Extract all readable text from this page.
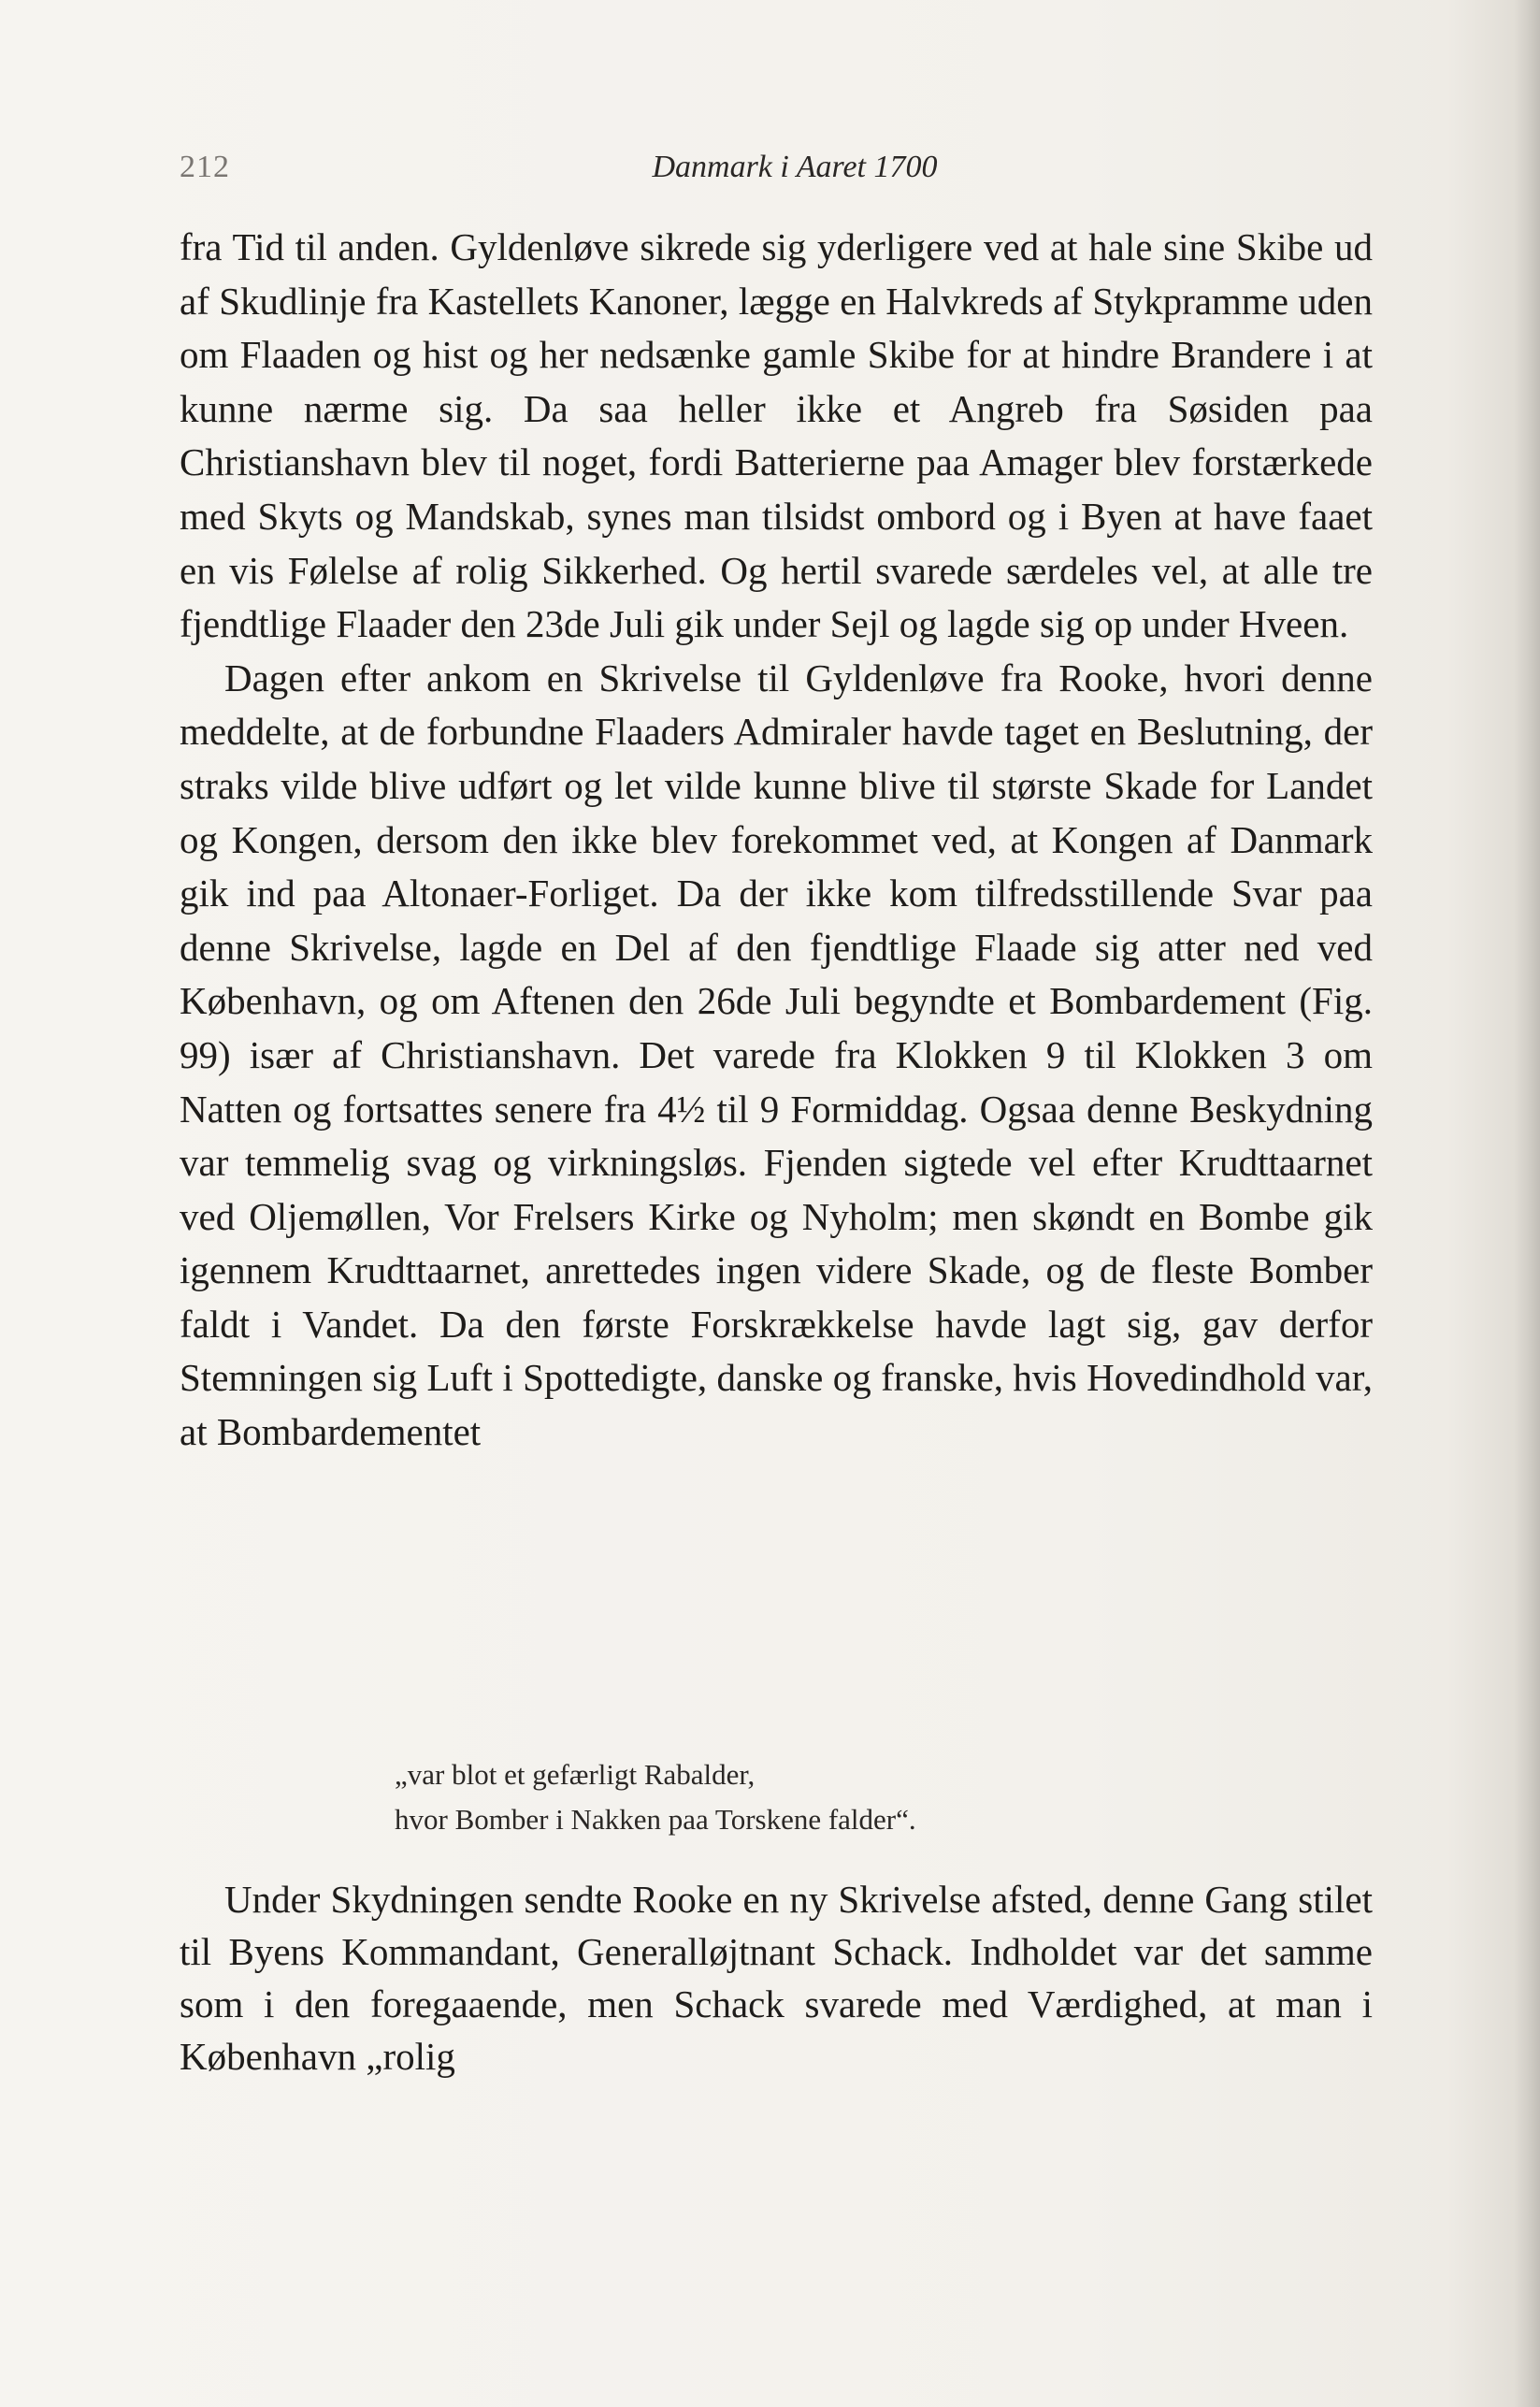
212	Danmark i Aaret 1700

fra Tid til anden. Gyldenløve sikrede sig yderligere ved at hale sine Skibe ud af Skudlinje fra Kastellets Kanoner, lægge en Halvkreds af Stykpramme uden om Flaaden og hist og her nedsænke gamle Skibe for at hindre Brandere i at kunne nærme sig. Da saa heller ikke et Angreb fra Søsiden paa Christianshavn blev til noget, fordi Batterierne paa Amager blev forstærkede med Skyts og Mandskab, synes man tilsidst ombord og i Byen at have faaet en vis Følelse af rolig Sikkerhed. Og hertil svarede særdeles vel, at alle tre fjendtlige Flaader den 23de Juli gik under Sejl og lagde sig op under Hveen.

Dagen efter ankom en Skrivelse til Gyldenløve fra Rooke, hvori denne meddelte, at de forbundne Flaaders Admiraler havde taget en Beslutning, der straks vilde blive udført og let vilde kunne blive til største Skade for Landet og Kongen, dersom den ikke blev forekommet ved, at Kongen af Danmark gik ind paa Altonaer-Forliget. Da der ikke kom tilfredsstillende Svar paa denne Skrivelse, lagde en Del af den fjendtlige Flaade sig atter ned ved København, og om Aftenen den 26de Juli begyndte et Bombardement (Fig. 99) især af Christianshavn. Det varede fra Klokken 9 til Klokken 3 om Natten og fortsattes senere fra 4½ til 9 Formiddag. Ogsaa denne Beskydning var temmelig svag og virkningsløs. Fjenden sigtede vel efter Krudttaarnet ved Oljemøllen, Vor Frelsers Kirke og Nyholm; men skøndt en Bombe gik igennem Krudttaarnet, anrettedes ingen videre Skade, og de fleste Bomber faldt i Vandet. Da den første Forskrækkelse havde lagt sig, gav derfor Stemningen sig Luft i Spottedigte, danske og franske, hvis Hovedindhold var, at Bombardementet

„var blot et gefærligt Rabalder,
hvor Bomber i Nakken paa Torskene falder“.

Under Skydningen sendte Rooke en ny Skrivelse afsted, denne Gang stilet til Byens Kommandant, Generalløjtnant Schack. Indholdet var det samme som i den foregaaende, men Schack svarede med Værdighed, at man i København „rolig
